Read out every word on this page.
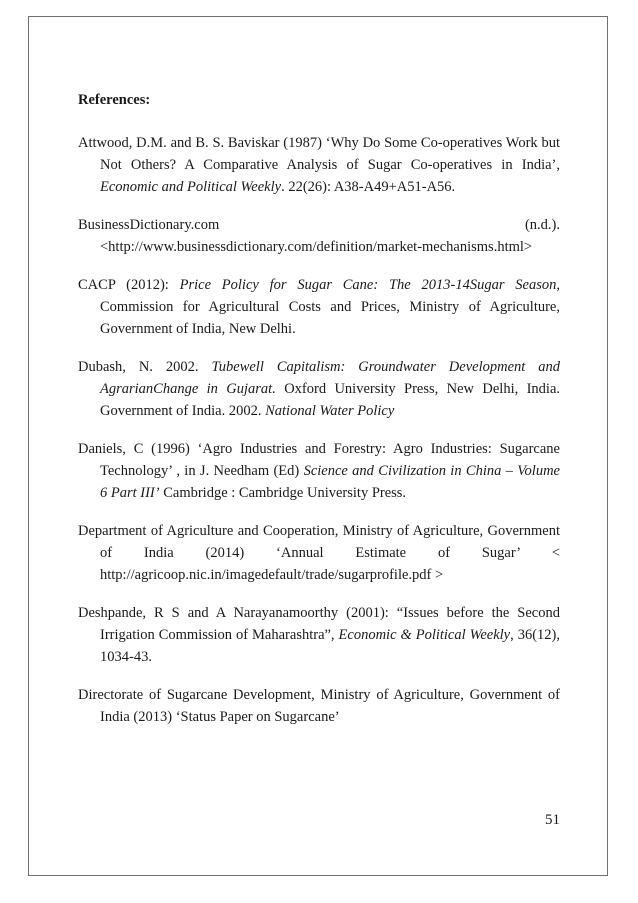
References:

Attwood, D.M. and B. S. Baviskar (1987) ‘Why Do Some Co-operatives Work but Not Others? A Comparative Analysis of Sugar Co-operatives in India’, Economic and Political Weekly. 22(26): A38-A49+A51-A56.

BusinessDictionary.com	(n.d.).
<http://www.businessdictionary.com/definition/market-mechanisms.html>

CACP (2012): Price Policy for Sugar Cane: The 2013-14Sugar Season, Commission for Agricultural Costs and Prices, Ministry of Agriculture, Government of India, New Delhi.

Dubash, N. 2002. Tubewell Capitalism: Groundwater Development and AgrarianChange in Gujarat. Oxford University Press, New Delhi, India. Government of India. 2002. National Water Policy

Daniels, C (1996) ‘Agro Industries and Forestry: Agro Industries: Sugarcane Technology’ , in J. Needham (Ed) Science and Civilization in China – Volume 6 Part III’ Cambridge : Cambridge University Press.

Department of Agriculture and Cooperation, Ministry of Agriculture, Government of India (2014) ‘Annual Estimate of Sugar’ < http://agricoop.nic.in/imagedefault/trade/sugarprofile.pdf >

Deshpande, R S and A Narayanamoorthy (2001): “Issues before the Second Irrigation Commission of Maharashtra”, Economic & Political Weekly, 36(12), 1034-43.

Directorate of Sugarcane Development, Ministry of Agriculture, Government of India (2013) ‘Status Paper on Sugarcane’

51
